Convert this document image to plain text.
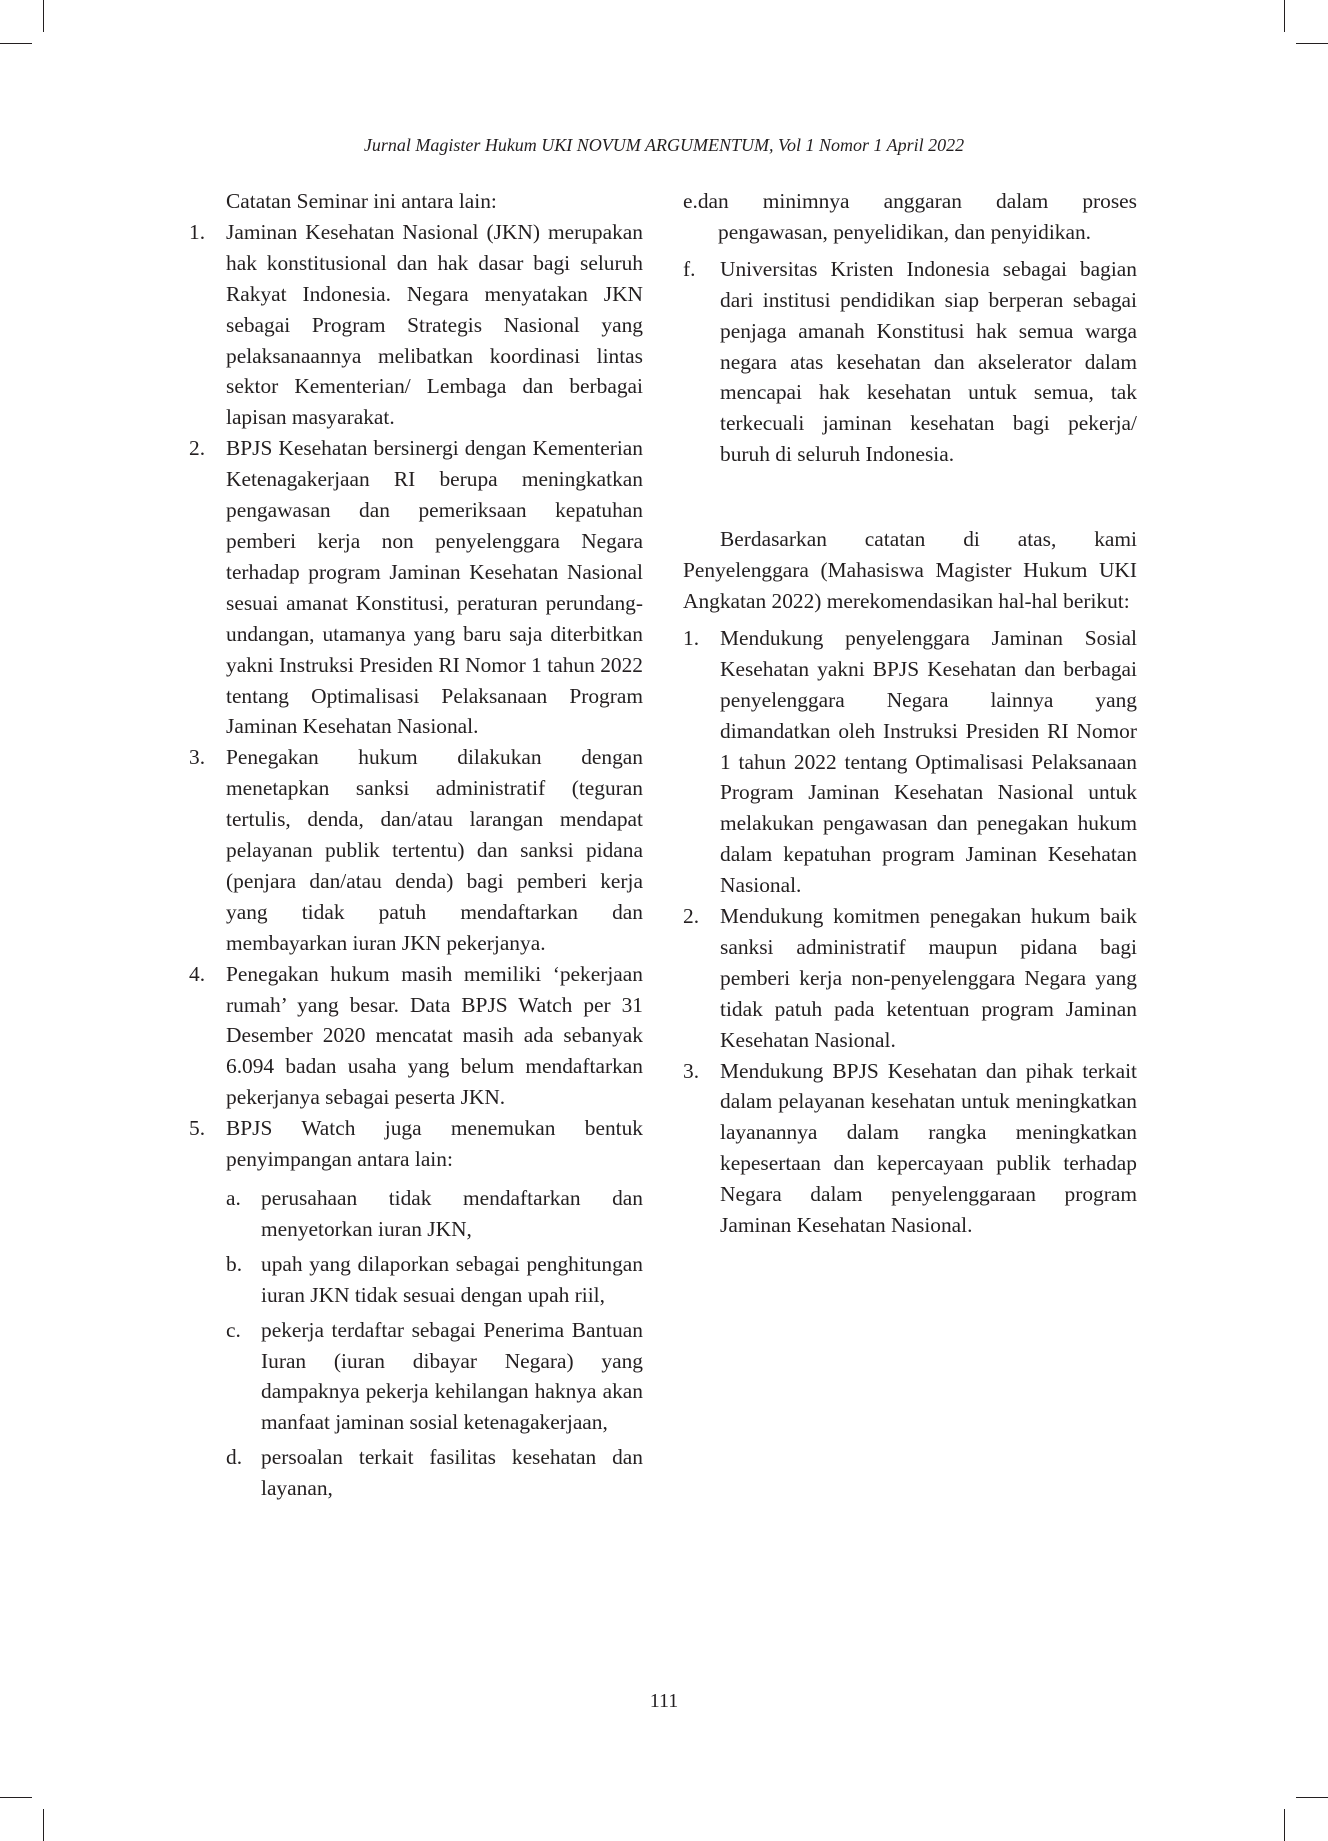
Jurnal Magister Hukum UKI NOVUM ARGUMENTUM, Vol 1 Nomor 1 April 2022

Catatan Seminar ini antara lain:

1. Jaminan Kesehatan Nasional (JKN) merupakan hak konstitusional dan hak dasar bagi seluruh Rakyat Indonesia. Negara menyatakan JKN sebagai Program Strategis Nasional yang pelaksanaannya melibatkan koordinasi lintas sektor Kementerian/ Lembaga dan berbagai lapisan masyarakat.
2. BPJS Kesehatan bersinergi dengan Kementerian Ketenagakerjaan RI berupa meningkatkan pengawasan dan pemeriksaan kepatuhan pemberi kerja non penyelenggara Negara terhadap program Jaminan Kesehatan Nasional sesuai amanat Konstitusi, peraturan perundang-undangan, utamanya yang baru saja diterbitkan yakni Instruksi Presiden RI Nomor 1 tahun 2022 tentang Optimalisasi Pelaksanaan Program Jaminan Kesehatan Nasional.
3. Penegakan hukum dilakukan dengan menetapkan sanksi administratif (teguran tertulis, denda, dan/atau larangan mendapat pelayanan publik tertentu) dan sanksi pidana (penjara dan/atau denda) bagi pemberi kerja yang tidak patuh mendaftarkan dan membayarkan iuran JKN pekerjanya.
4. Penegakan hukum masih memiliki ‘pekerjaan rumah’ yang besar. Data BPJS Watch per 31 Desember 2020 mencatat masih ada sebanyak 6.094 badan usaha yang belum mendaftarkan pekerjanya sebagai peserta JKN.
5. BPJS Watch juga menemukan bentuk penyimpangan antara lain:
a. perusahaan tidak mendaftarkan dan menyetorkan iuran JKN,
b. upah yang dilaporkan sebagai penghitungan iuran JKN tidak sesuai dengan upah riil,
c. pekerja terdaftar sebagai Penerima Bantuan Iuran (iuran dibayar Negara) yang dampaknya pekerja kehilangan haknya akan manfaat jaminan sosial ketenagakerjaan,
d. persoalan terkait fasilitas kesehatan dan layanan,

e.dan minimnya anggaran dalam proses pengawasan, penyelidikan, dan penyidikan.

f. Universitas Kristen Indonesia sebagai bagian dari institusi pendidikan siap berperan sebagai penjaga amanah Konstitusi hak semua warga negara atas kesehatan dan akselerator dalam mencapai hak kesehatan untuk semua, tak terkecuali jaminan kesehatan bagi pekerja/ buruh di seluruh Indonesia.

Berdasarkan catatan di atas, kami Penyelenggara (Mahasiswa Magister Hukum UKI Angkatan 2022) merekomendasikan hal-hal berikut:

1. Mendukung penyelenggara Jaminan Sosial Kesehatan yakni BPJS Kesehatan dan berbagai penyelenggara Negara lainnya yang dimandatkan oleh Instruksi Presiden RI Nomor 1 tahun 2022 tentang Optimalisasi Pelaksanaan Program Jaminan Kesehatan Nasional untuk melakukan pengawasan dan penegakan hukum dalam kepatuhan program Jaminan Kesehatan Nasional.
2. Mendukung komitmen penegakan hukum baik sanksi administratif maupun pidana bagi pemberi kerja non-penyelenggara Negara yang tidak patuh pada ketentuan program Jaminan Kesehatan Nasional.
3. Mendukung BPJS Kesehatan dan pihak terkait dalam pelayanan kesehatan untuk meningkatkan layanannya dalam rangka meningkatkan kepesertaan dan kepercayaan publik terhadap Negara dalam penyelenggaraan program Jaminan Kesehatan Nasional.
111
